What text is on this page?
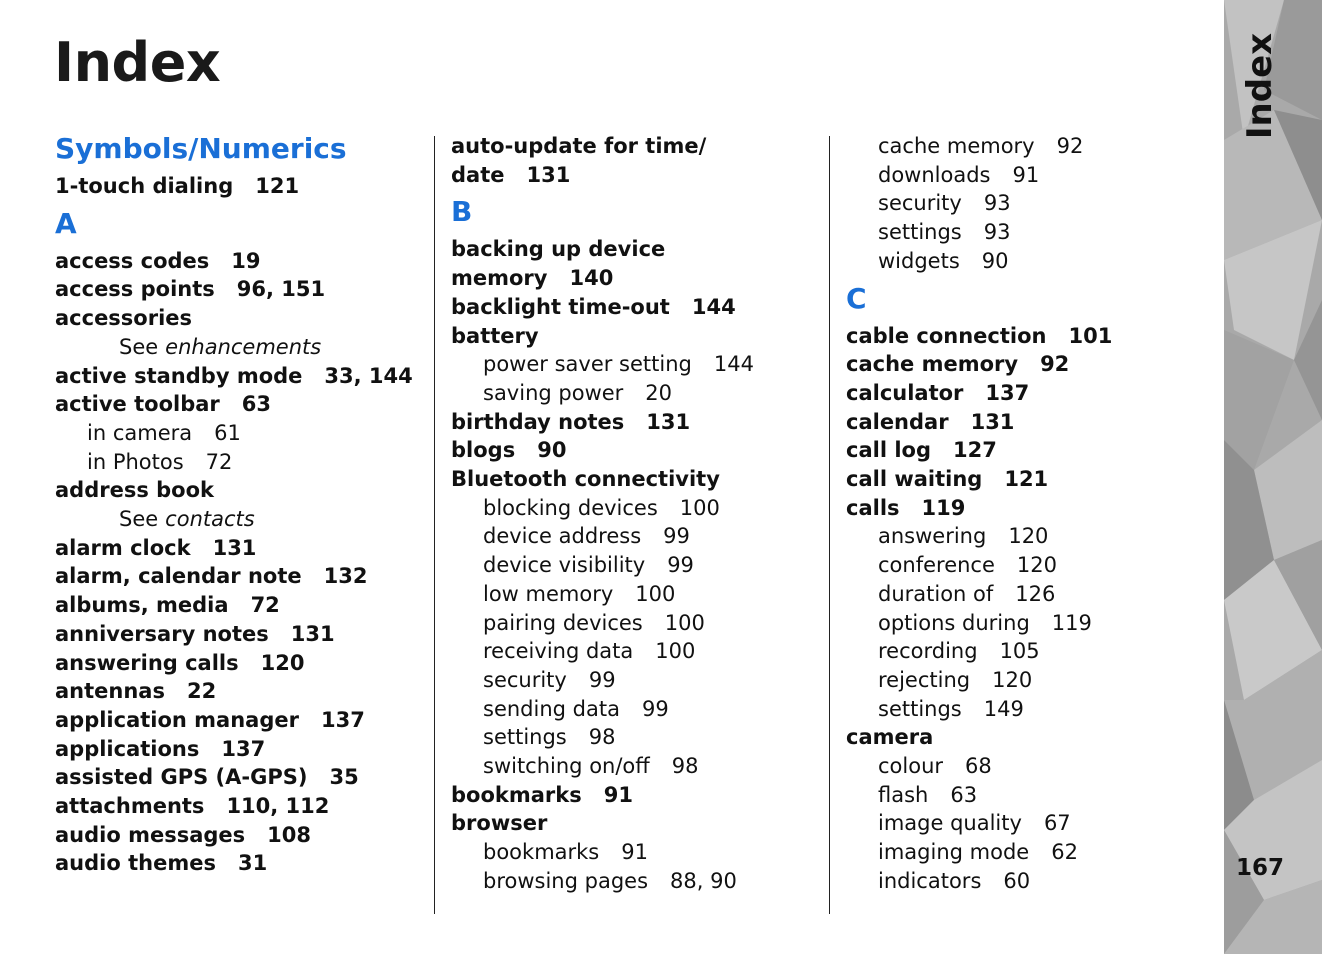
Index
Symbols/Numerics
1-touch dialing 121
A
access codes 19
access points 96, 151
accessories
See enhancements
active standby mode 33, 144
active toolbar 63
in camera 61
in Photos 72
address book
See contacts
alarm clock 131
alarm, calendar note 132
albums, media 72
anniversary notes 131
answering calls 120
antennas 22
application manager 137
applications 137
assisted GPS (A-GPS) 35
attachments 110, 112
audio messages 108
audio themes 31
auto-update for time/
date 131
B
backing up device
memory 140
backlight time-out 144
battery
power saver setting 144
saving power 20
birthday notes 131
blogs 90
Bluetooth connectivity
blocking devices 100
device address 99
device visibility 99
low memory 100
pairing devices 100
receiving data 100
security 99
sending data 99
settings 98
switching on/off 98
bookmarks 91
browser
bookmarks 91
browsing pages 88, 90
cache memory 92
downloads 91
security 93
settings 93
widgets 90
C
cable connection 101
cache memory 92
calculator 137
calendar 131
call log 127
call waiting 121
calls 119
answering 120
conference 120
duration of 126
options during 119
recording 105
rejecting 120
settings 149
camera
colour 68
flash 63
image quality 67
imaging mode 62
indicators 60
Index
167
